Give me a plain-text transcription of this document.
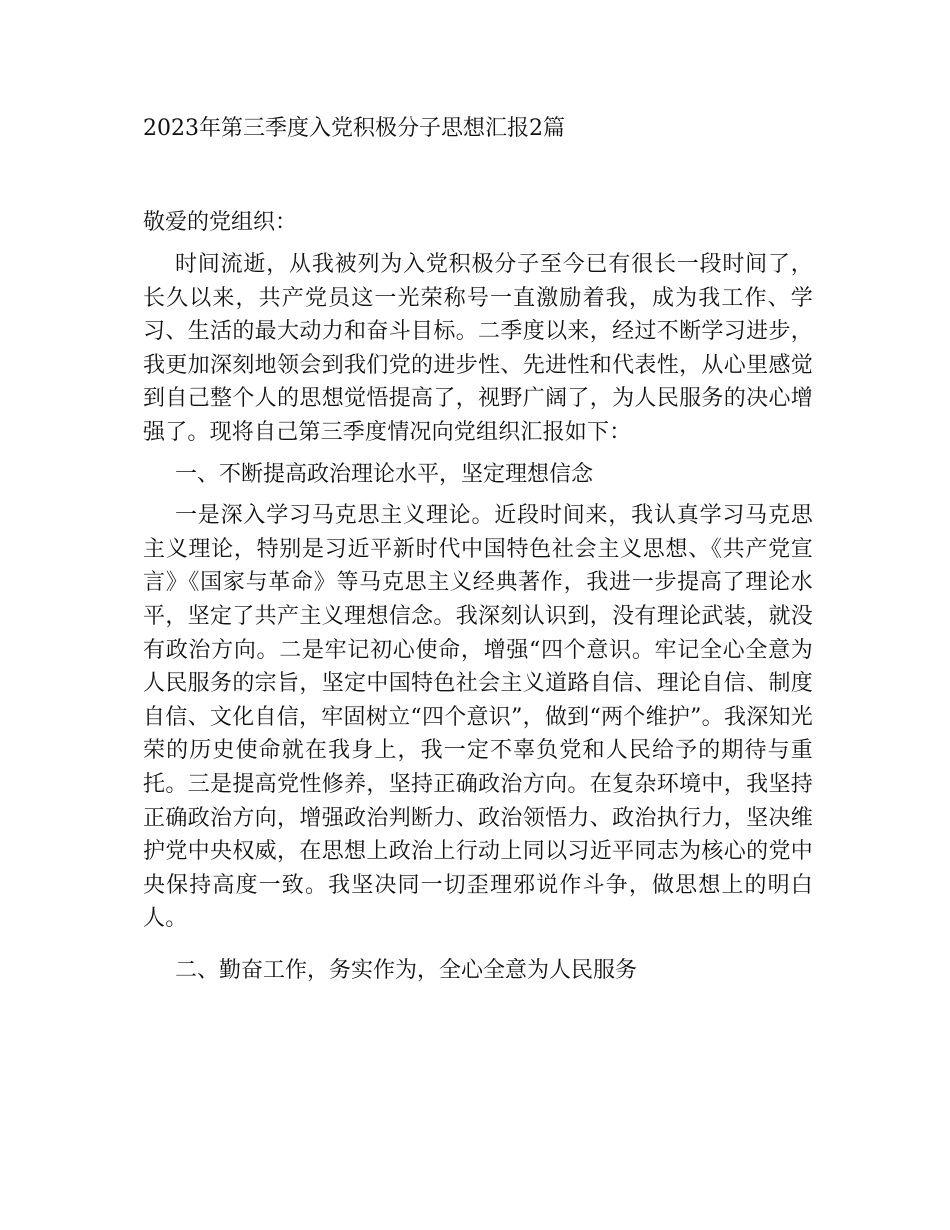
2023年第三季度入党积极分子思想汇报2篇

敬爱的党组织：

时间流逝，从我被列为入党积极分子至今已有很长一段时间了，长久以来，共产党员这一光荣称号一直激励着我，成为我工作、学习、生活的最大动力和奋斗目标。二季度以来，经过不断学习进步，我更加深刻地领会到我们党的进步性、先进性和代表性，从心里感觉到自己整个人的思想觉悟提高了，视野广阔了，为人民服务的决心增强了。现将自己第三季度情况向党组织汇报如下：

一、不断提高政治理论水平，坚定理想信念

一是深入学习马克思主义理论。近段时间来，我认真学习马克思主义理论，特别是习近平新时代中国特色社会主义思想、《共产党宣言》《国家与革命》等马克思主义经典著作，我进一步提高了理论水平，坚定了共产主义理想信念。我深刻认识到，没有理论武装，就没有政治方向。二是牢记初心使命，增强“四个意识。牢记全心全意为人民服务的宗旨，坚定中国特色社会主义道路自信、理论自信、制度自信、文化自信，牢固树立“四个意识”，做到“两个维护”。我深知光荣的历史使命就在我身上，我一定不辜负党和人民给予的期待与重托。三是提高党性修养，坚持正确政治方向。在复杂环境中，我坚持正确政治方向，增强政治判断力、政治领悟力、政治执行力，坚决维护党中央权威，在思想上政治上行动上同以习近平同志为核心的党中央保持高度一致。我坚决同一切歪理邪说作斗争，做思想上的明白人。

二、勤奋工作，务实作为，全心全意为人民服务
